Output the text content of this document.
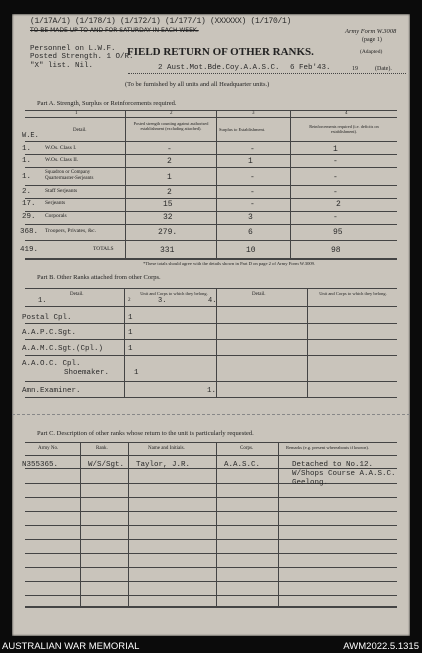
(1/17A/1) (1/178/1) (1/172/1) (1/177/1) (XXXXXX) (1/170/1)
TO BE MADE UP TO AND FOR SATURDAY IN EACH WEEK.	Army Form W.3008
(page 1)
(Adapted)
Personnel on L.W.F.
Posted Strength. 1 O/R.
"X" list. Nil.
FIELD RETURN OF OTHER RANKS.
2 Aust.Mot.Bde.Coy.A.A.S.C. 6 Feb'43.	19	(Date).
(To be furnished by all units and all Headquarter units.)
Part A. Strength, Surplus or Reinforcements required.
1	2	3	4
W.E.
Detail.
Posted strength counting against authorised establishment (excluding attached).	Surplus to Establishment.
Reinforcements required (i.e. deficits on establishment).
1.	W.Os. Class I.	-	-	1
1.	W.Os. Class II.	2	1	-
1.
Squadron or Company Quartermaster-Serjeants	1	-	-
2.	Staff Serjeants	2	-	-
17. Serjeants	15	-	2
29. Corporals	32	3	-
368. Troopers, Privates, &c.	279.	6	95
419.	TOTALS	331	10	98
*These totals should agree with the details shown in Part D on page 2 of Army Form W.3009.
Part B. Other Ranks attached from other Corps.
1.
Detail.
2
Unit and Corps to which they belong.
3.	4.
Detail.	Unit and Corps to which they belong.
Postal Cpl.	1
A.A.P.C.Sgt.	1
A.A.M.C.Sgt.(Cpl.)	1
A.A.O.C. Cpl.
Shoemaker.	1
Amn.Examiner.	1.
Part C. Description of other ranks whose return to the unit is particularly requested.
Army No.	Rank.	Name and Initials.	Corps.	Remarks (e.g. present whereabouts if known).
N355365.	W/S/Sgt. Taylor, J.R.	A.A.S.C.	Detached to No.12.
W/Shops Course A.A.S.C.
Geelong.
AUSTRALIAN WAR MEMORIAL	AWM2022.5.1315
